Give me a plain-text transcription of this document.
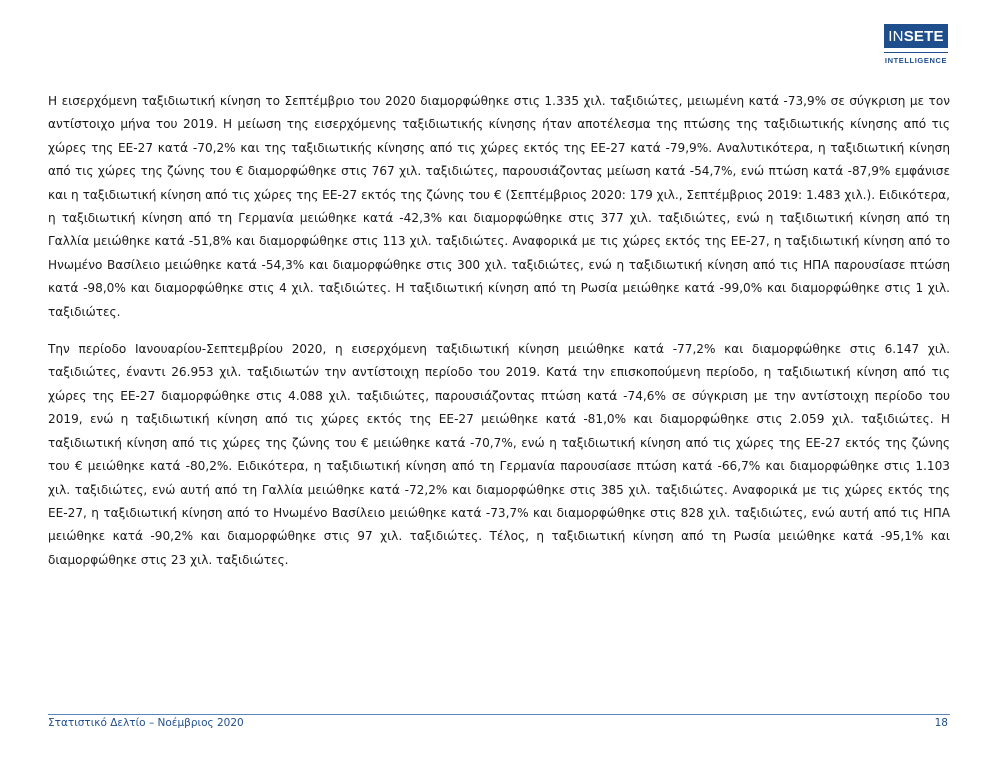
IN SETE
INTELLIGENCE

Η εισερχόμενη ταξιδιωτική κίνηση το Σεπτέμβριο του 2020 διαμορφώθηκε στις 1.335 χιλ. ταξιδιώτες, μειωμένη κατά -73,9% σε σύγκριση με τον αντίστοιχο μήνα του 2019. Η μείωση της εισερχόμενης ταξιδιωτικής κίνησης ήταν αποτέλεσμα της πτώσης της ταξιδιωτικής κίνησης από τις χώρες της ΕΕ-27 κατά -70,2% και της ταξιδιωτικής κίνησης από τις χώρες εκτός της ΕΕ-27 κατά -79,9%. Αναλυτικότερα, η ταξιδιωτική κίνηση από τις χώρες της ζώνης του € διαμορφώθηκε στις 767 χιλ. ταξιδιώτες, παρουσιάζοντας μείωση κατά -54,7%, ενώ πτώση κατά -87,9% εμφάνισε και η ταξιδιωτική κίνηση από τις χώρες της ΕΕ-27 εκτός της ζώνης του € (Σεπτέμβριος 2020: 179 χιλ., Σεπτέμβριος 2019: 1.483 χιλ.). Ειδικότερα, η ταξιδιωτική κίνηση από τη Γερμανία μειώθηκε κατά -42,3% και διαμορφώθηκε στις 377 χιλ. ταξιδιώτες, ενώ η ταξιδιωτική κίνηση από τη Γαλλία μειώθηκε κατά -51,8% και διαμορφώθηκε στις 113 χιλ. ταξιδιώτες. Αναφορικά με τις χώρες εκτός της ΕΕ-27, η ταξιδιωτική κίνηση από το Ηνωμένο Βασίλειο μειώθηκε κατά -54,3% και διαμορφώθηκε στις 300 χιλ. ταξιδιώτες, ενώ η ταξιδιωτική κίνηση από τις ΗΠΑ παρουσίασε πτώση κατά -98,0% και διαμορφώθηκε στις 4 χιλ. ταξιδιώτες. Η ταξιδιωτική κίνηση από τη Ρωσία μειώθηκε κατά -99,0% και διαμορφώθηκε στις 1 χιλ. ταξιδιώτες.

Την περίοδο Ιανουαρίου-Σεπτεμβρίου 2020, η εισερχόμενη ταξιδιωτική κίνηση μειώθηκε κατά -77,2% και διαμορφώθηκε στις 6.147 χιλ. ταξιδιώτες, έναντι 26.953 χιλ. ταξιδιωτών την αντίστοιχη περίοδο του 2019. Κατά την επισκοπούμενη περίοδο, η ταξιδιωτική κίνηση από τις χώρες της ΕΕ-27 διαμορφώθηκε στις 4.088 χιλ. ταξιδιώτες, παρουσιάζοντας πτώση κατά -74,6% σε σύγκριση με την αντίστοιχη περίοδο του 2019, ενώ η ταξιδιωτική κίνηση από τις χώρες εκτός της ΕΕ-27 μειώθηκε κατά -81,0% και διαμορφώθηκε στις 2.059 χιλ. ταξιδιώτες. Η ταξιδιωτική κίνηση από τις χώρες της ζώνης του € μειώθηκε κατά -70,7%, ενώ η ταξιδιωτική κίνηση από τις χώρες της ΕΕ-27 εκτός της ζώνης του € μειώθηκε κατά -80,2%. Ειδικότερα, η ταξιδιωτική κίνηση από τη Γερμανία παρουσίασε πτώση κατά -66,7% και διαμορφώθηκε στις 1.103 χιλ. ταξιδιώτες, ενώ αυτή από τη Γαλλία μειώθηκε κατά -72,2% και διαμορφώθηκε στις 385 χιλ. ταξιδιώτες. Αναφορικά με τις χώρες εκτός της ΕΕ-27, η ταξιδιωτική κίνηση από το Ηνωμένο Βασίλειο μειώθηκε κατά -73,7% και διαμορφώθηκε στις 828 χιλ. ταξιδιώτες, ενώ αυτή από τις ΗΠΑ μειώθηκε κατά -90,2% και διαμορφώθηκε στις 97 χιλ. ταξιδιώτες. Τέλος, η ταξιδιωτική κίνηση από τη Ρωσία μειώθηκε κατά -95,1% και διαμορφώθηκε στις 23 χιλ. ταξιδιώτες.

Στατιστικό Δελτίο – Νοέμβριος 2020	18
